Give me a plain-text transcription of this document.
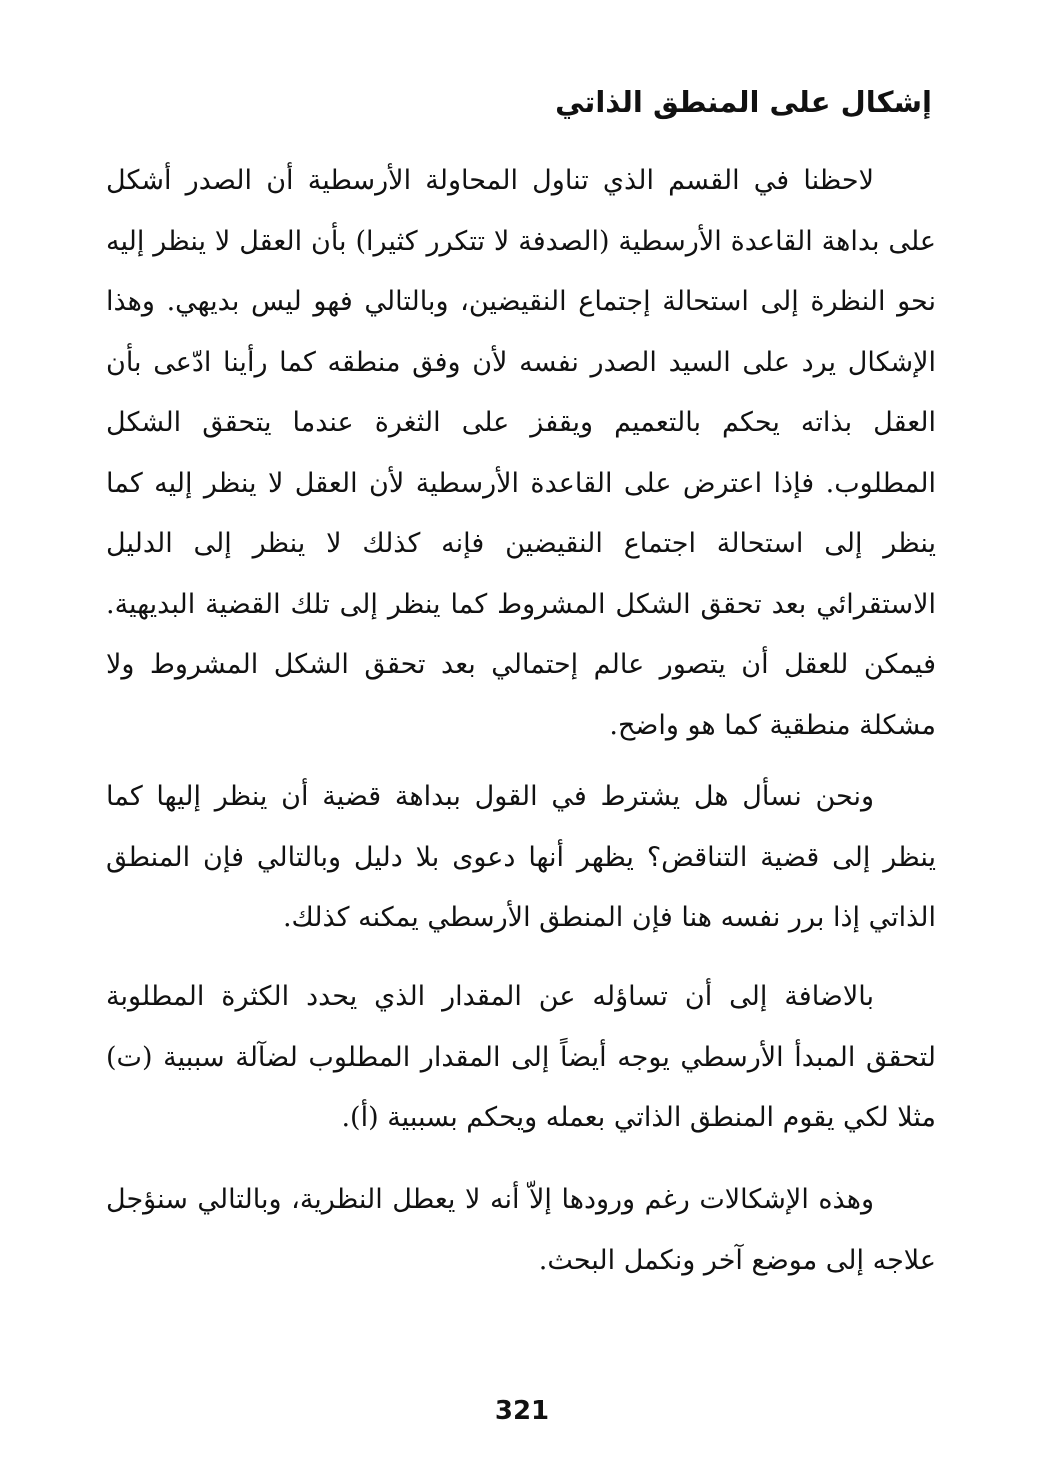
إشكال على المنطق الذاتي

لاحظنا في القسم الذي تناول المحاولة الأرسطية أن الصدر أشكل على بداهة القاعدة الأرسطية (الصدفة لا تتكرر كثيرا) بأن العقل لا ينظر إليه نحو النظرة إلى استحالة إجتماع النقيضين، وبالتالي فهو ليس بديهي. وهذا الإشكال يرد على السيد الصدر نفسه لأن وفق منطقه كما رأينا ادّعى بأن العقل بذاته يحكم بالتعميم ويقفز على الثغرة عندما يتحقق الشكل المطلوب. فإذا اعترض على القاعدة الأرسطية لأن العقل لا ينظر إليه كما ينظر إلى استحالة اجتماع النقيضين فإنه كذلك لا ينظر إلى الدليل الاستقرائي بعد تحقق الشكل المشروط كما ينظر إلى تلك القضية البديهية. فيمكن للعقل أن يتصور عالم إحتمالي بعد تحقق الشكل المشروط ولا مشكلة منطقية كما هو واضح.

ونحن نسأل هل يشترط في القول ببداهة قضية أن ينظر إليها كما ينظر إلى قضية التناقض؟ يظهر أنها دعوى بلا دليل وبالتالي فإن المنطق الذاتي إذا برر نفسه هنا فإن المنطق الأرسطي يمكنه كذلك.

بالاضافة إلى أن تساؤله عن المقدار الذي يحدد الكثرة المطلوبة لتحقق المبدأ الأرسطي يوجه أيضاً إلى المقدار المطلوب لضآلة سببية (ت) مثلا لكي يقوم المنطق الذاتي بعمله ويحكم بسببية (أ).

وهذه الإشكالات رغم ورودها إلاّ أنه لا يعطل النظرية، وبالتالي سنؤجل علاجه إلى موضع آخر ونكمل البحث.

321
